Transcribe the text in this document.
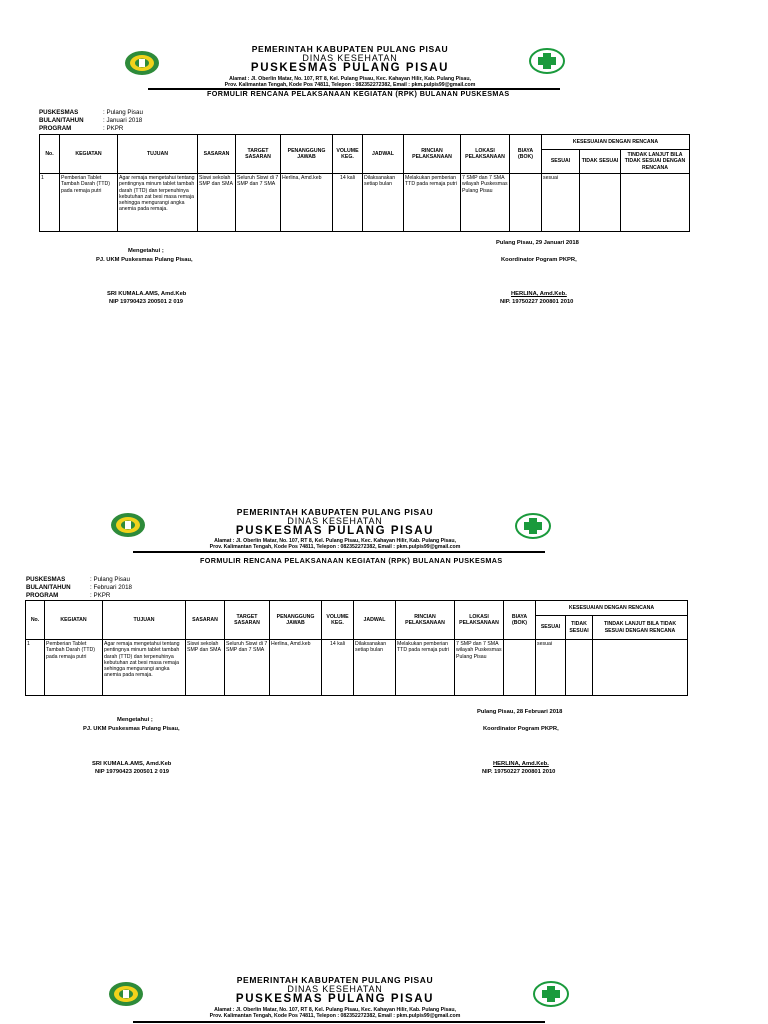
PEMERINTAH KABUPATEN PULANG PISAU
DINAS KESEHATAN
PUSKESMAS PULANG PISAU
Alamat : Jl. Oberlin Matar, No. 107, RT 8, Kel. Pulang Pisau, Kec. Kahayan Hilir, Kab. Pulang Pisau,
Prov. Kalimantan Tengah, Kode Pos 74811, Telepon : 082352272382, Email : pkm.pulpis99@gmail.com
FORMULIR RENCANA PELAKSANAAN KEGIATAN (RPK) BULANAN PUSKESMAS
PUSKESMAS	: Pulang Pisau
BULAN/TAHUN	: Januari 2018
PROGRAM	: PKPR
No.	KEGIATAN	TUJUAN	SASARAN	TARGET SASARAN	PENANGGUNG JAWAB	VOLUME KEG.	JADWAL	RINCIAN PELAKSANAAN	LOKASI PELAKSANAAN	BIAYA (BOK)	KESESUAIAN DENGAN RENCANA		
											SESUAI	TIDAK SESUAI	TINDAK LANJUT BILA TIDAK SESUAI DENGAN RENCANA
1	Pemberian Tablet Tambah Darah (TTD) pada remaja putri	Agar remaja mengetahui tentang pentingnya minum tablet tambah darah (TTD) dan terpenuhinya kebutuhan zat besi masa remaja sehingga mengurangi angka anemia pada remaja.	Siswi sekolah SMP dan SMA	Seluruh Siswi di 7 SMP dan 7 SMA	Herlina, Amd.keb	14 kali	Dilaksanakan setiap bulan	Melakukan pemberian TTD pada remaja putri	7 SMP dan 7 SMA wilayah Puskesmas Pulang Pisau		sesuai		
Pulang Pisau, 29 Januari 2018
Mengetahui ;
PJ. UKM Puskesmas Pulang Pisau,	Koordinator Pogram PKPR,
SRI KUMALA.AMS, Amd.Keb
NIP 19790423 200501 2 019
HERLINA, Amd.Keb.
NIP. 19750227 200801 2010
PEMERINTAH KABUPATEN PULANG PISAU
DINAS KESEHATAN
PUSKESMAS PULANG PISAU
Alamat : Jl. Oberlin Matar, No. 107, RT 8, Kel. Pulang Pisau, Kec. Kahayan Hilir, Kab. Pulang Pisau,
Prov. Kalimantan Tengah, Kode Pos 74811, Telepon : 082352272382, Email : pkm.pulpis99@gmail.com
FORMULIR RENCANA PELAKSANAAN KEGIATAN (RPK) BULANAN PUSKESMAS
PUSKESMAS	: Pulang Pisau
BULAN/TAHUN	: Februari 2018
PROGRAM	: PKPR
No.	KEGIATAN	TUJUAN	SASARAN	TARGET SASARAN	PENANGGUNG JAWAB	VOLUME KEG.	JADWAL	RINCIAN PELAKSANAAN	LOKASI PELAKSANAAN	BIAYA (BOK)	KESESUAIAN DENGAN RENCANA		
											SESUAI	TIDAK SESUAI	TINDAK LANJUT BILA TIDAK SESUAI DENGAN RENCANA
1	Pemberian Tablet Tambah Darah (TTD) pada remaja putri	Agar remaja mengetahui tentang pentingnya minum tablet tambah darah (TTD) dan terpenuhinya kebutuhan zat besi masa remaja sehingga mengurangi angka anemia pada remaja.	Siswi sekolah SMP dan SMA	Seluruh Siswi di 7 SMP dan 7 SMA	Herlina, Amd.keb	14 kali	Dilaksanakan setiap bulan	Melakukan pemberian TTD pada remaja putri	7 SMP dan 7 SMA wilayah Puskesmas Pulang Pisau		sesuai		
Pulang Pisau, 28 Februari 2018
Mengetahui ;
PJ. UKM Puskesmas Pulang Pisau,	Koordinator Pogram PKPR,
SRI KUMALA.AMS, Amd.Keb
NIP 19790423 200501 2 019
HERLINA, Amd.Keb.
NIP. 19750227 200801 2010
PEMERINTAH KABUPATEN PULANG PISAU
DINAS KESEHATAN
PUSKESMAS PULANG PISAU
Alamat : Jl. Oberlin Matar, No. 107, RT 8, Kel. Pulang Pisau, Kec. Kahayan Hilir, Kab. Pulang Pisau,
Prov. Kalimantan Tengah, Kode Pos 74811, Telepon : 082352272382, Email : pkm.pulpis99@gmail.com
